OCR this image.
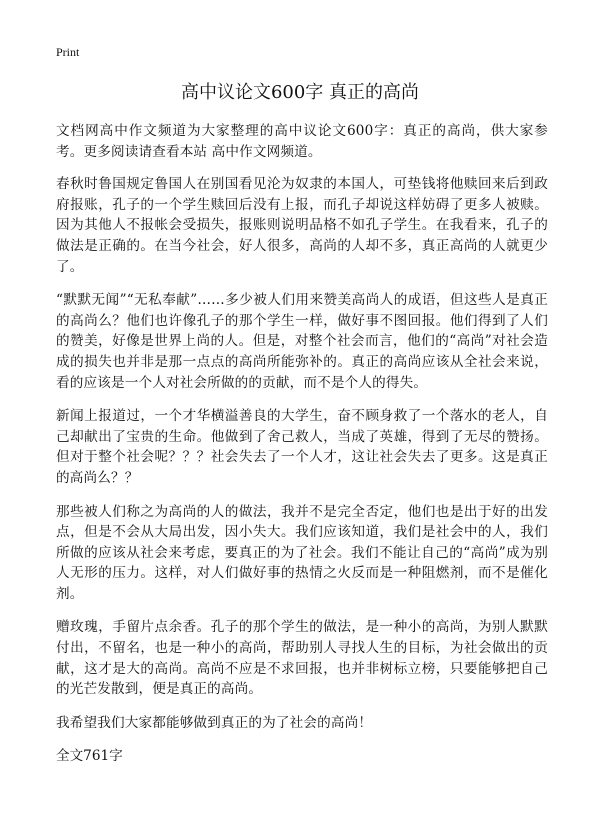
Print
高中议论文600字 真正的高尚

文档网高中作文频道为大家整理的高中议论文600字：真正的高尚，供大家参考。更多阅读请查看本站 高中作文网频道。

春秋时鲁国规定鲁国人在别国看见沦为奴隶的本国人，可垫钱将他赎回来后到政府报账，孔子的一个学生赎回后没有上报，而孔子却说这样妨碍了更多人被赎。因为其他人不报帐会受损失，报账则说明品格不如孔子学生。在我看来，孔子的做法是正确的。在当今社会，好人很多，高尚的人却不多，真正高尚的人就更少了。

“默默无闻”“无私奉献”……多少被人们用来赞美高尚人的成语，但这些人是真正的高尚么？他们也许像孔子的那个学生一样，做好事不图回报。他们得到了人们的赞美，好像是世界上尚的人。但是，对整个社会而言，他们的“高尚”对社会造成的损失也并非是那一点点的高尚所能弥补的。真正的高尚应该从全社会来说，看的应该是一个人对社会所做的的贡献，而不是个人的得失。

新闻上报道过，一个才华横溢善良的大学生，奋不顾身救了一个落水的老人，自己却献出了宝贵的生命。他做到了舍己救人，当成了英雄，得到了无尽的赞扬。但对于整个社会呢？？？社会失去了一个人才，这让社会失去了更多。这是真正的高尚么？？

那些被人们称之为高尚的人的做法，我并不是完全否定，他们也是出于好的出发点，但是不会从大局出发，因小失大。我们应该知道，我们是社会中的人，我们所做的应该从社会来考虑，要真正的为了社会。我们不能让自己的“高尚”成为别人无形的压力。这样，对人们做好事的热情之火反而是一种阻燃剂，而不是催化剂。

赠玫瑰，手留片点余香。孔子的那个学生的做法，是一种小的高尚，为别人默默付出，不留名，也是一种小的高尚，帮助别人寻找人生的目标，为社会做出的贡献，这才是大的高尚。高尚不应是不求回报，也并非树标立榜，只要能够把自己的光芒发散到，便是真正的高尚。

我希望我们大家都能够做到真正的为了社会的高尚！

全文761字
